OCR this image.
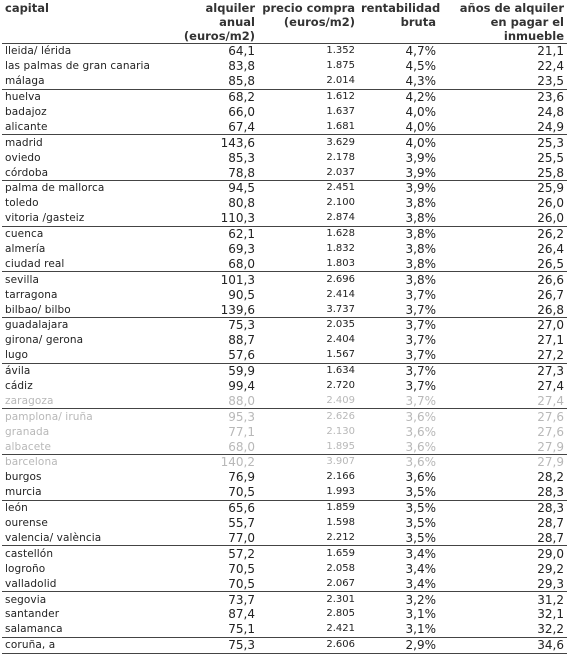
capital	alquiler anual (euros/m2)	precio compra (euros/m2)	rentabilidad bruta	años de alquiler en pagar el inmueble
lleida/ lérida	64,1	1.352	4,7%	21,1
las palmas de gran canaria	83,8	1.875	4,5%	22,4
málaga	85,8	2.014	4,3%	23,5
huelva	68,2	1.612	4,2%	23,6
badajoz	66,0	1.637	4,0%	24,8
alicante	67,4	1.681	4,0%	24,9
madrid	143,6	3.629	4,0%	25,3
oviedo	85,3	2.178	3,9%	25,5
córdoba	78,8	2.037	3,9%	25,8
palma de mallorca	94,5	2.451	3,9%	25,9
toledo	80,8	2.100	3,8%	26,0
vitoria /gasteiz	110,3	2.874	3,8%	26,0
cuenca	62,1	1.628	3,8%	26,2
almería	69,3	1.832	3,8%	26,4
ciudad real	68,0	1.803	3,8%	26,5
sevilla	101,3	2.696	3,8%	26,6
tarragona	90,5	2.414	3,7%	26,7
bilbao/ bilbo	139,6	3.737	3,7%	26,8
guadalajara	75,3	2.035	3,7%	27,0
girona/ gerona	88,7	2.404	3,7%	27,1
lugo	57,6	1.567	3,7%	27,2
ávila	59,9	1.634	3,7%	27,3
cádiz	99,4	2.720	3,7%	27,4
zaragoza	88,0	2.409	3,7%	27,4
pamplona/ iruña	95,3	2.626	3,6%	27,6
granada	77,1	2.130	3,6%	27,6
albacete	68,0	1.895	3,6%	27,9
barcelona	140,2	3.907	3,6%	27,9
burgos	76,9	2.166	3,6%	28,2
murcia	70,5	1.993	3,5%	28,3
león	65,6	1.859	3,5%	28,3
ourense	55,7	1.598	3,5%	28,7
valencia/ valència	77,0	2.212	3,5%	28,7
castellón	57,2	1.659	3,4%	29,0
logroño	70,5	2.058	3,4%	29,2
valladolid	70,5	2.067	3,4%	29,3
segovia	73,7	2.301	3,2%	31,2
santander	87,4	2.805	3,1%	32,1
salamanca	75,1	2.421	3,1%	32,2
coruña, a	75,3	2.606	2,9%	34,6
